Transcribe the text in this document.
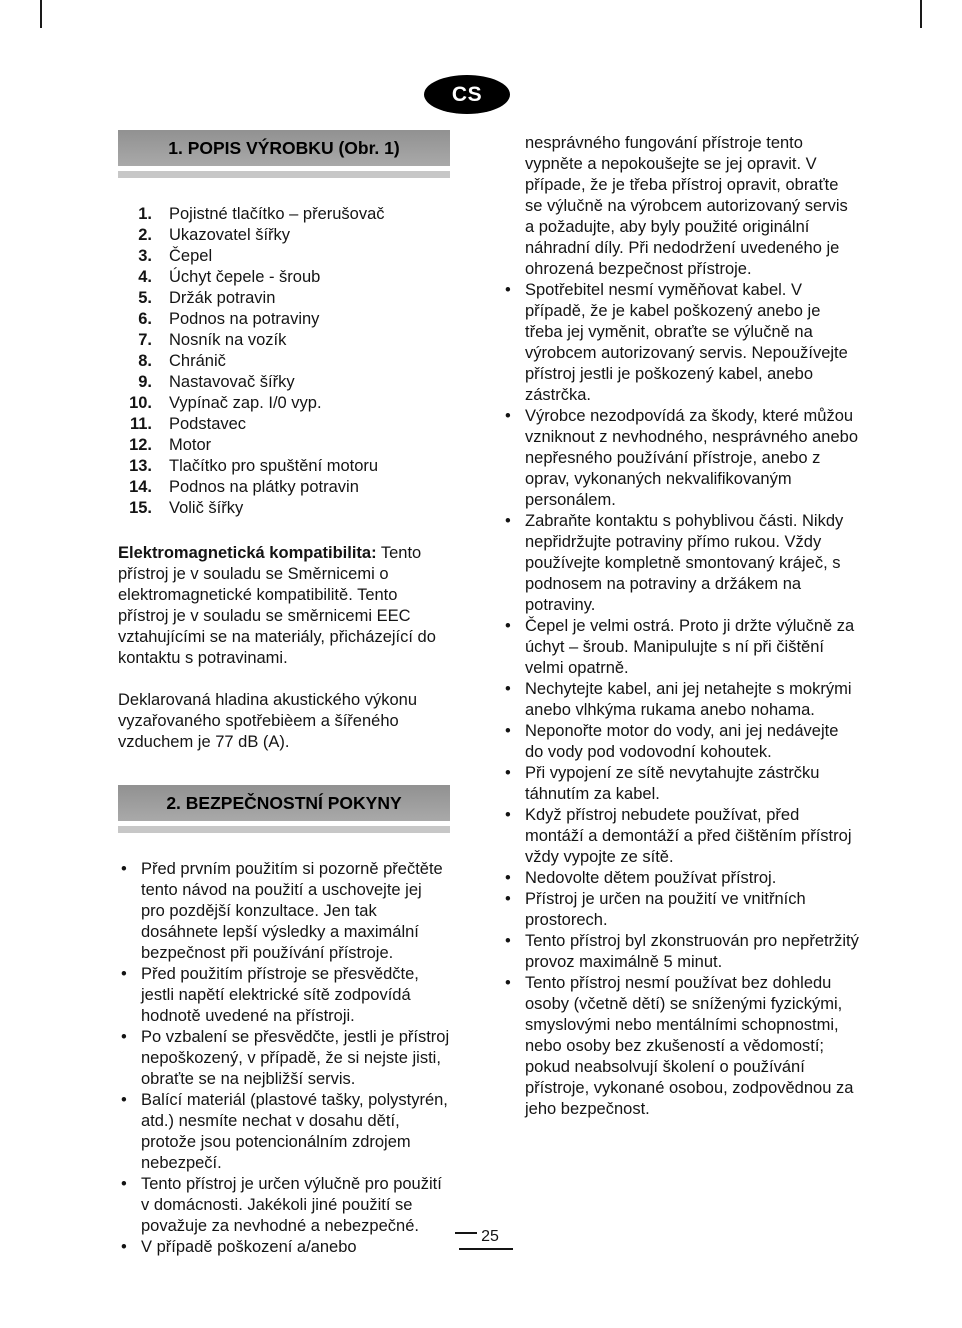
CS
1. POPIS VÝROBKU (Obr. 1)
1.	Pojistné tlačítko – přerušovač
2.	Ukazovatel šířky
3.	Čepel
4.	Úchyt čepele - šroub
5.	Držák potravin
6.	Podnos na potraviny
7.	Nosník na vozík
8.	Chránič
9.	Nastavovač šířky
10.	Vypínač zap. I/0 vyp.
11.	Podstavec
12.	Motor
13.	Tlačítko pro spuštění motoru
14.	Podnos na plátky potravin
15.	Volič šířky

Elektromagnetická kompatibilita: Tento přístroj je v souladu se Směrnicemi o elektromagnetické kompatibilitě. Tento přístroj je v souladu se směrnicemi EEC vztahujícími se na materiály, přicházející do kontaktu s potravinami.

Deklarovaná hladina akustického výkonu vyzařovaného spotřebièem a šířeného vzduchem je 77 dB (A).

2. BEZPEČNOSTNÍ POKYNY
• Před prvním použitím si pozorně přečtěte tento návod na použití a uschovejte jej pro pozdější konzultace. Jen tak dosáhnete lepší výsledky a maximální bezpečnost při používání přístroje.
• Před použitím přístroje se přesvědčte, jestli napětí elektrické sítě zodpovídá hodnotě uvedené na přístroji.
• Po vzbalení se přesvědčte, jestli je přístroj nepoškozený, v případě, že si nejste jisti, obraťte se na nejbližší servis.
• Balící materiál (plastové tašky, polystyrén, atd.) nesmíte nechat v dosahu dětí, protože jsou potencionálním zdrojem nebezpečí.
• Tento přístroj je určen výlučně pro použití v domácnosti. Jakékoli jiné použití se považuje za nevhodné a nebezpečné.
• V případě poškození a/anebo

nesprávného fungování přístroje tento vypněte a nepokoušejte se jej opravit. V případe, že je třeba přístroj opravit, obraťte se výlučně na výrobcem autorizovaný servis a požadujte, aby byly použité originální náhradní díly. Při nedodržení uvedeného je ohrozená bezpečnost přístroje.

• Spotřebitel nesmí vyměňovat kabel. V případě, že je kabel poškozený anebo je třeba jej vyměnit, obraťte se výlučně na výrobcem autorizovaný servis. Nepoužívejte přístroj jestli je poškozený kabel, anebo zástrčka.
• Výrobce nezodpovídá za škody, které můžou vzniknout z nevhodného, nesprávného anebo nepřesného používání přístroje, anebo z oprav, vykonaných nekvalifikovaným personálem.
• Zabraňte kontaktu s pohyblivou části. Nikdy nepřidržujte potraviny přímo rukou. Vždy používejte kompletně smontovaný kráječ, s podnosem na potraviny a držákem na potraviny.
• Čepel je velmi ostrá. Proto ji držte výlučně za úchyt – šroub. Manipulujte s ní při čištění velmi opatrně.
• Nechytejte kabel, ani jej netahejte s mokrými anebo vlhkýma rukama anebo nohama.
• Neponořte motor do vody, ani jej nedávejte do vody pod vodovodní kohoutek.
• Při vypojení ze sítě nevytahujte zástrčku táhnutím za kabel.
• Když přístroj nebudete používat, před montáží a demontáží a před čištěním přístroj vždy vypojte ze sítě.
• Nedovolte dětem používat přístroj.
• Přístroj je určen na použití ve vnitřních prostorech.
• Tento přístroj byl zkonstruován pro nepřetržitý provoz maximálně 5 minut.
• Tento přístroj nesmí používat bez dohledu osoby (včetně dětí) se sníženými fyzickými, smyslovými nebo mentálními schopnostmi, nebo osoby bez zkušeností a vědomostí; pokud neabsolvují školení o používání přístroje, vykonané osobou, zodpovědnou za jeho bezpečnost.
25
